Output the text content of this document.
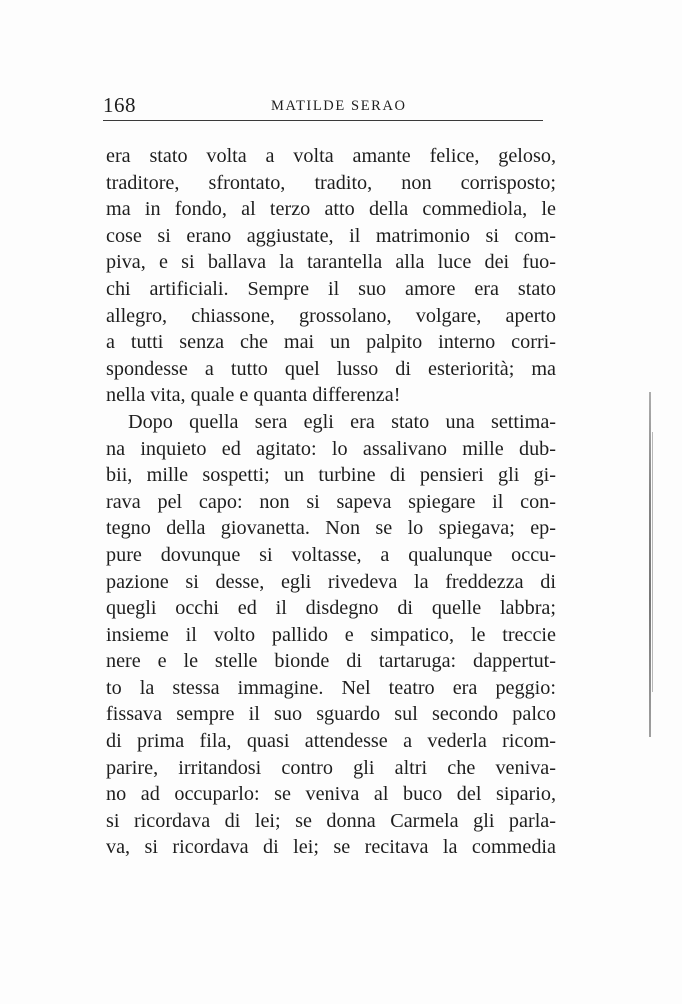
168	MATILDE SERAO
era stato volta a volta amante felice, geloso,
traditore, sfrontato, tradito, non corrisposto;
ma in fondo, al terzo atto della commediola, le
cose si erano aggiustate, il matrimonio si com-
piva, e si ballava la tarantella alla luce dei fuo-
chi artificiali. Sempre il suo amore era stato
allegro, chiassone, grossolano, volgare, aperto
a tutti senza che mai un palpito interno corri-
spondesse a tutto quel lusso di esteriorità; ma
nella vita, quale e quanta differenza!
Dopo quella sera egli era stato una settima-
na inquieto ed agitato: lo assalivano mille dub-
bii, mille sospetti; un turbine di pensieri gli gi-
rava pel capo: non si sapeva spiegare il con-
tegno della giovanetta. Non se lo spiegava; ep-
pure dovunque si voltasse, a qualunque occu-
pazione si desse, egli rivedeva la freddezza di
quegli occhi ed il disdegno di quelle labbra;
insieme il volto pallido e simpatico, le treccie
nere e le stelle bionde di tartaruga: dappertut-
to la stessa immagine. Nel teatro era peggio:
fissava sempre il suo sguardo sul secondo palco
di prima fila, quasi attendesse a vederla ricom-
parire, irritandosi contro gli altri che veniva-
no ad occuparlo: se veniva al buco del sipario,
si ricordava di lei; se donna Carmela gli parla-
va, si ricordava di lei; se recitava la commedia
